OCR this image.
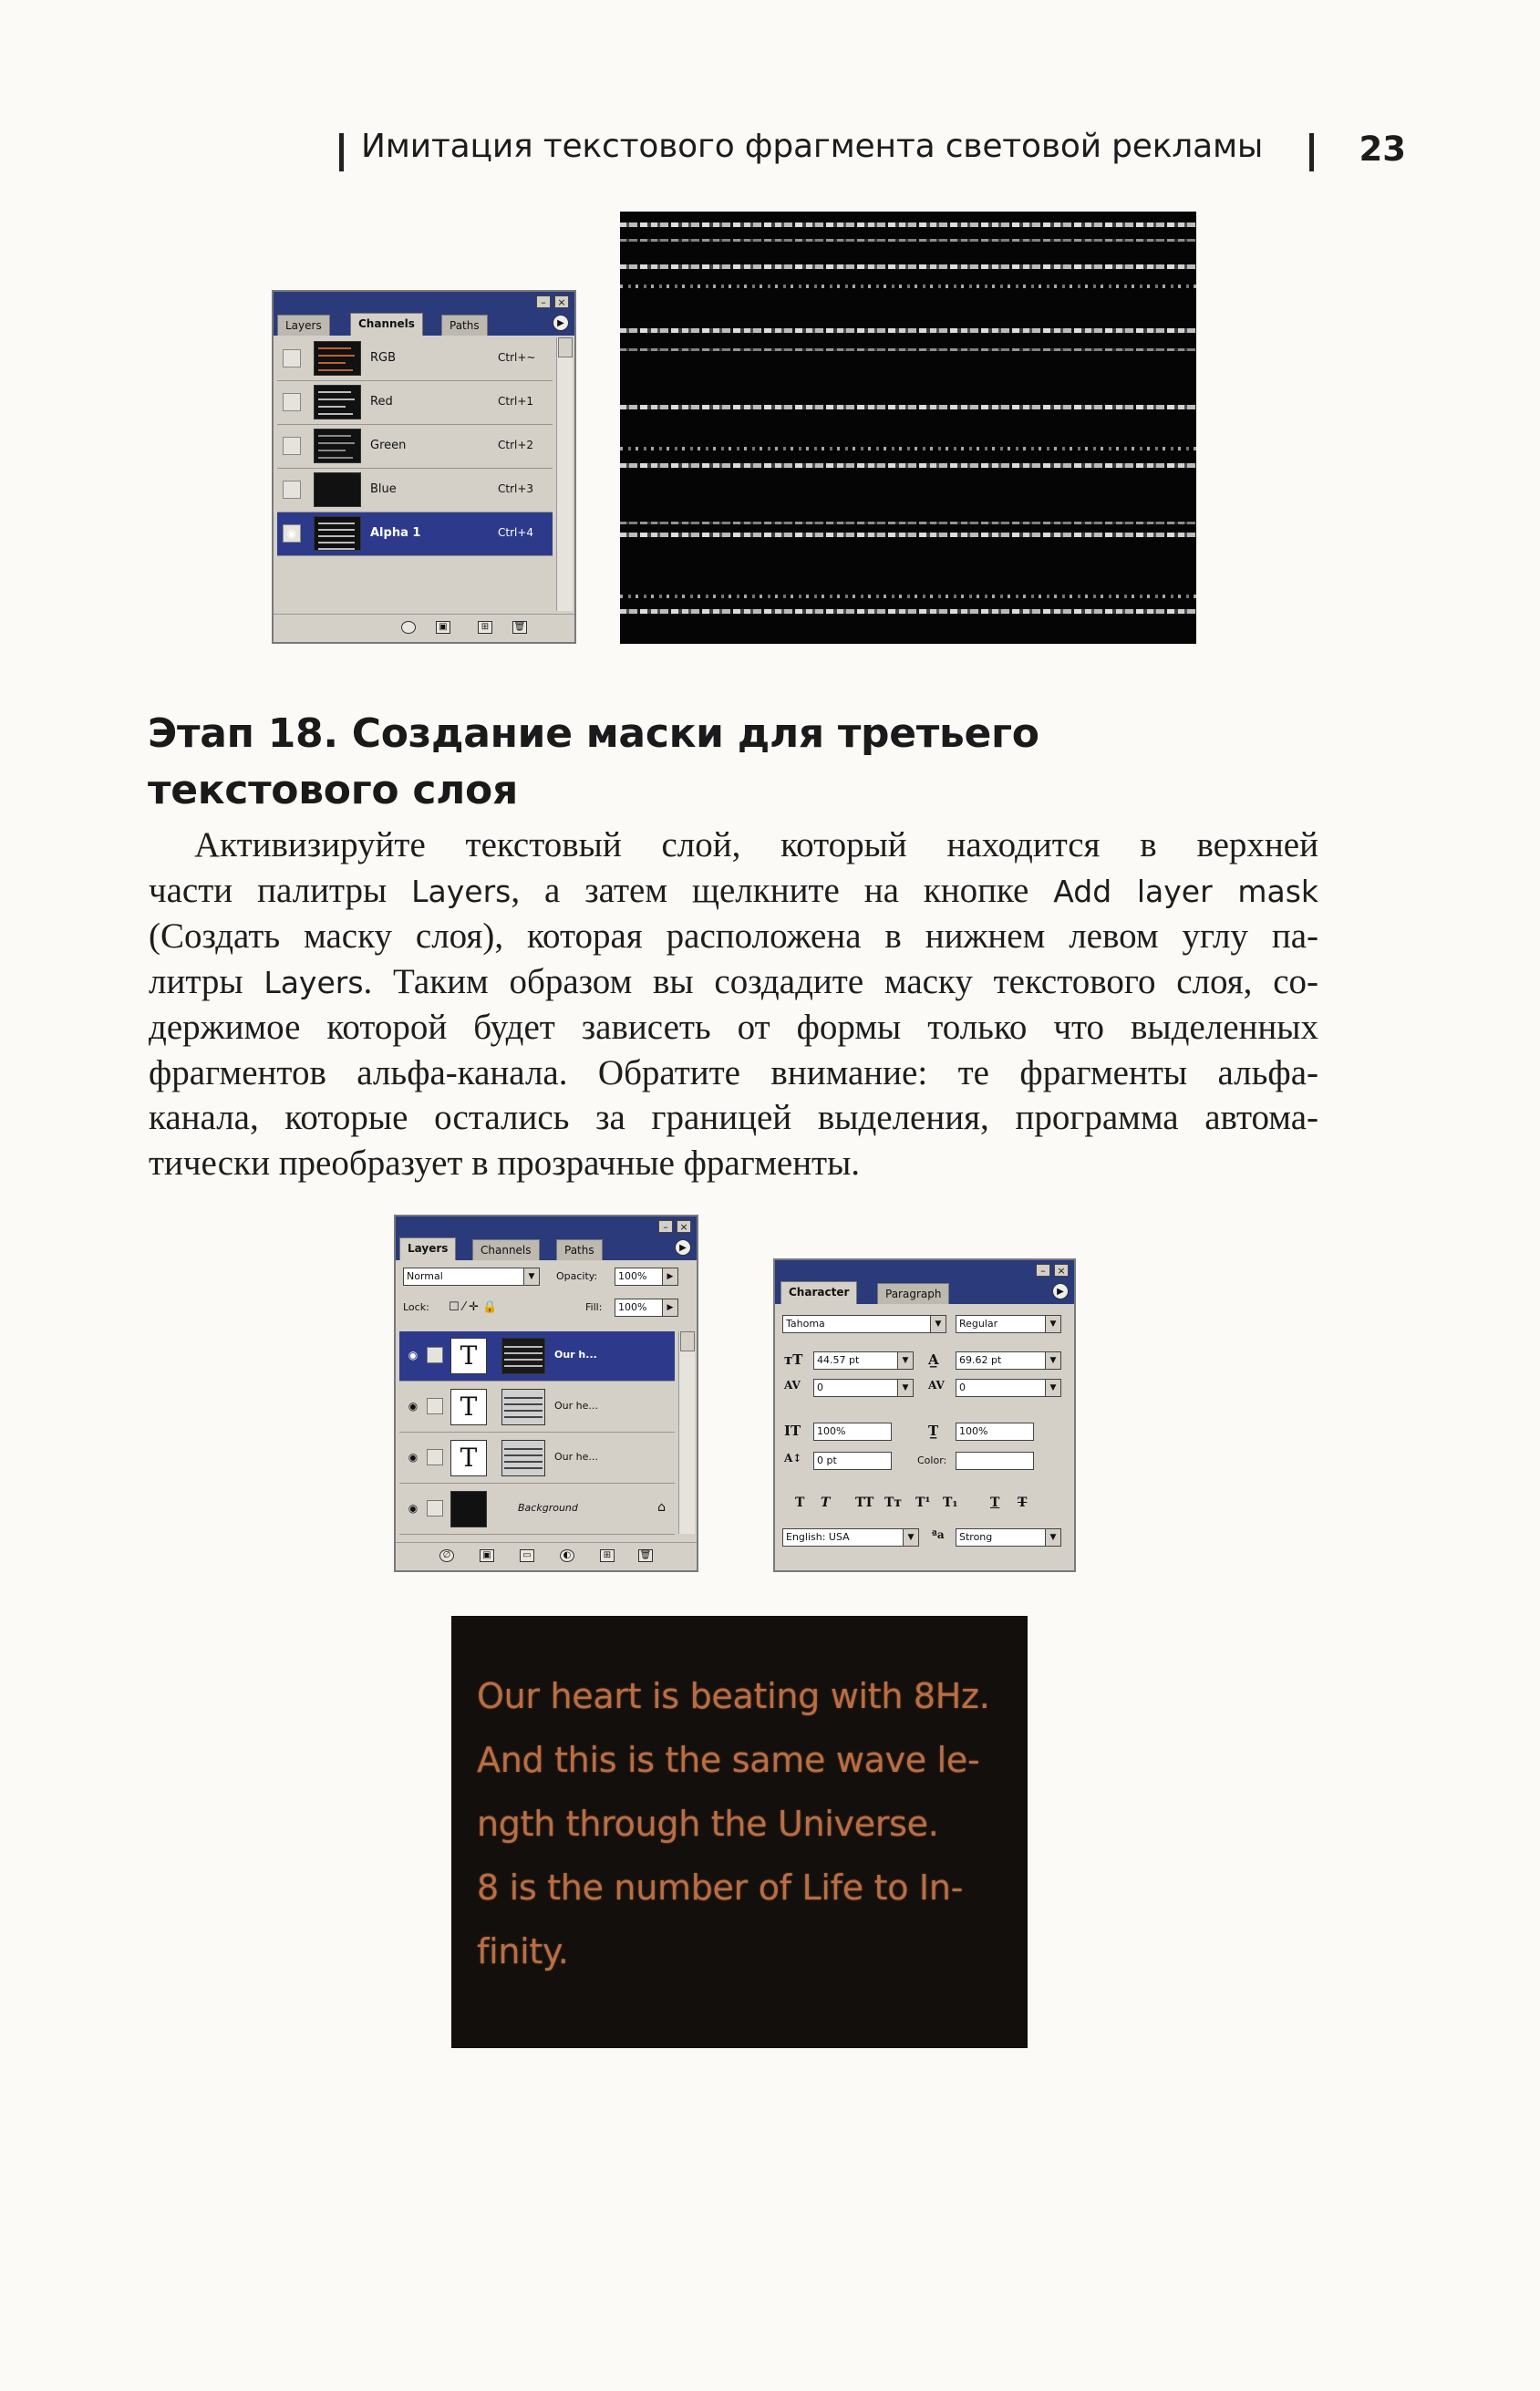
Имитация текстового фрагмента световой рекламы	23
–	×
Layers	Channels	Paths	▶
RGB	Ctrl+~
Red	Ctrl+1
Green	Ctrl+2
Blue	Ctrl+3
◉	Alpha 1	Ctrl+4
▣	⊞	🗑
Этап 18. Создание маски для третьего
текстового слоя
Активизируйте текстовый слой, который находится в верхней
части палитры Layers, а затем щелкните на кнопке Add layer mask
(Создать маску слоя), которая расположена в нижнем левом углу па-
литры Layers. Таким образом вы создадите маску текстового слоя, со-
держимое которой будет зависеть от формы только что выделенных
фрагментов альфа-канала. Обратите внимание: те фрагменты альфа-
канала, которые остались за границей выделения, программа автома-
тически преобразует в прозрачные фрагменты.
–	×
Layers	Channels	Paths	▶
Normal	▼	Opacity:	100%	▶
Lock: ☐ ⁄ ✛ 🔒	Fill:	100%	▶
◉	T	Our h...
◉	T	Our he...
◉	T	Our he...
◉	Background	⌂
∅	▣	▭	◐	⊞	🗑
–	×
Character	Paragraph	▶
Tahoma	▼	Regular	▼
тT	44.57 pt	▼	A̲	69.62 pt	▼
AV	0	▼	AV	0	▼
IT	100%	T̲	100%
A↕	0 pt	Color:
T T TT Tт T¹ T₁	T T
English: USA	▼	ªa	Strong	▼
Our heart is beating with 8Hz.
And this is the same wave le-
ngth through the Universe.
8 is the number of Life to In-
finity.
